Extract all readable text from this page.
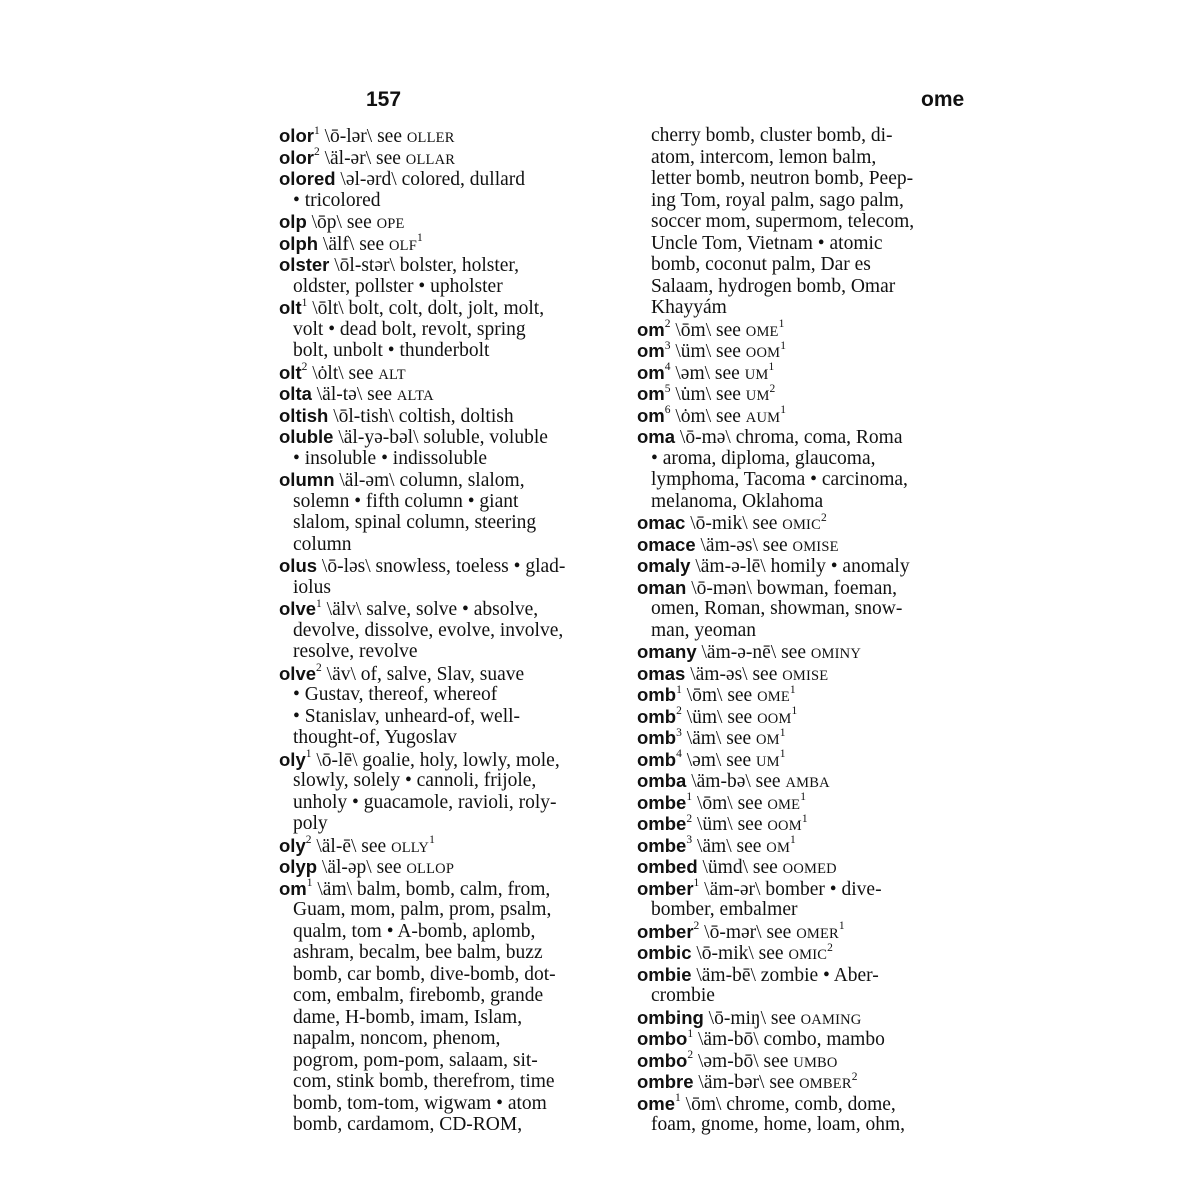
157	ome
olor$^1$ \ō-lər\ see OLLER
olor$^2$ \äl-ər\ see OLLAR
olored \əl-ərd\ colored, dullard
• tricolored
olp \ōp\ see OPE
olph \älf\ see OLF$^1$
olster \ōl-stər\ bolster, holster,
oldster, pollster • upholster
olt$^1$ \ōlt\ bolt, colt, dolt, jolt, molt,
volt • dead bolt, revolt, spring
bolt, unbolt • thunderbolt
olt$^2$ \ȯlt\ see ALT
olta \äl-tə\ see ALTA
oltish \ōl-tish\ coltish, doltish
oluble \äl-yə-bəl\ soluble, voluble
• insoluble • indissoluble
olumn \äl-əm\ column, slalom,
solemn • fifth column • giant
slalom, spinal column, steering
column
olus \ō-ləs\ snowless, toeless • glad-
iolus
olve$^1$ \älv\ salve, solve • absolve,
devolve, dissolve, evolve, involve,
resolve, revolve
olve$^2$ \äv\ of, salve, Slav, suave
• Gustav, thereof, whereof
• Stanislav, unheard-of, well-
thought-of, Yugoslav
oly$^1$ \ō-lē\ goalie, holy, lowly, mole,
slowly, solely • cannoli, frijole,
unholy • guacamole, ravioli, roly-
poly
oly$^2$ \äl-ē\ see OLLY$^1$
olyp \äl-əp\ see OLLOP
$om^1$ \äm\ balm, bomb, calm, from,
Guam, mom, palm, prom, psalm,
qualm, tom • A-bomb, aplomb,
ashram, becalm, bee balm, buzz
bomb, car bomb, dive-bomb, dot-
com, embalm, firebomb, grande
dame, H-bomb, imam, Islam,
napalm, noncom, phenom,
pogrom, pom-pom, salaam, sit-
com, stink bomb, therefrom, time
bomb, tom-tom, wigwam • atom
bomb, cardamom, CD-ROM,
cherry bomb, cluster bomb, di-
atom, intercom, lemon balm,
letter bomb, neutron bomb, Peep-
ing Tom, royal palm, sago palm,
soccer mom, supermom, telecom,
Uncle Tom, Vietnam • atomic
bomb, coconut palm, Dar es
Salaam, hydrogen bomb, Omar
Khayyám
$om^2$ \ōm\ see OME$^1$
$om^3$ \üm\ see OOM$^1$
$om^4$ \əm\ see $UM^1$
$om^5$ \u̇m\ see $UM^2$
$om^6$ \ȯm\ see AUM$^1$
oma \ō-mə\ chroma, coma, Roma
• aroma, diploma, glaucoma,
lymphoma, Tacoma • carcinoma,
melanoma, Oklahoma
omac \ō-mik\ see OMIC$^2$
omace \äm-əs\ see OMISE
omaly \äm-ə-lē\ homily • anomaly
oman \ō-mən\ bowman, foeman,
omen, Roman, showman, snow-
man, yeoman
omany \äm-ə-nē\ see OMINY
omas \äm-əs\ see OMISE
omb$^1$ \ōm\ see OME$^1$
omb$^2$ \üm\ see OOM$^1$
omb$^3$ \äm\ see $OM^1$
omb$^4$ \əm\ see $UM^1$
omba \äm-bə\ see AMBA
ombe$^1$ \ōm\ see OME$^1$
ombe$^2$ \üm\ see OOM$^1$
ombe$^3$ \äm\ see $OM^1$
ombed \ümd\ see OOMED
omber$^1$ \äm-ər\ bomber • dive-
bomber, embalmer
omber$^2$ \ō-mər\ see OMER$^1$
ombic \ō-mik\ see OMIC$^2$
ombie \äm-bē\ zombie • Aber-
crombie
ombing \ō-miŋ\ see OAMING
ombo$^1$ \äm-bō\ combo, mambo
ombo$^2$ \əm-bō\ see UMBO
ombre \äm-bər\ see OMBER$^2$
ome$^1$ \ōm\ chrome, comb, dome,
foam, gnome, home, loam, ohm,
